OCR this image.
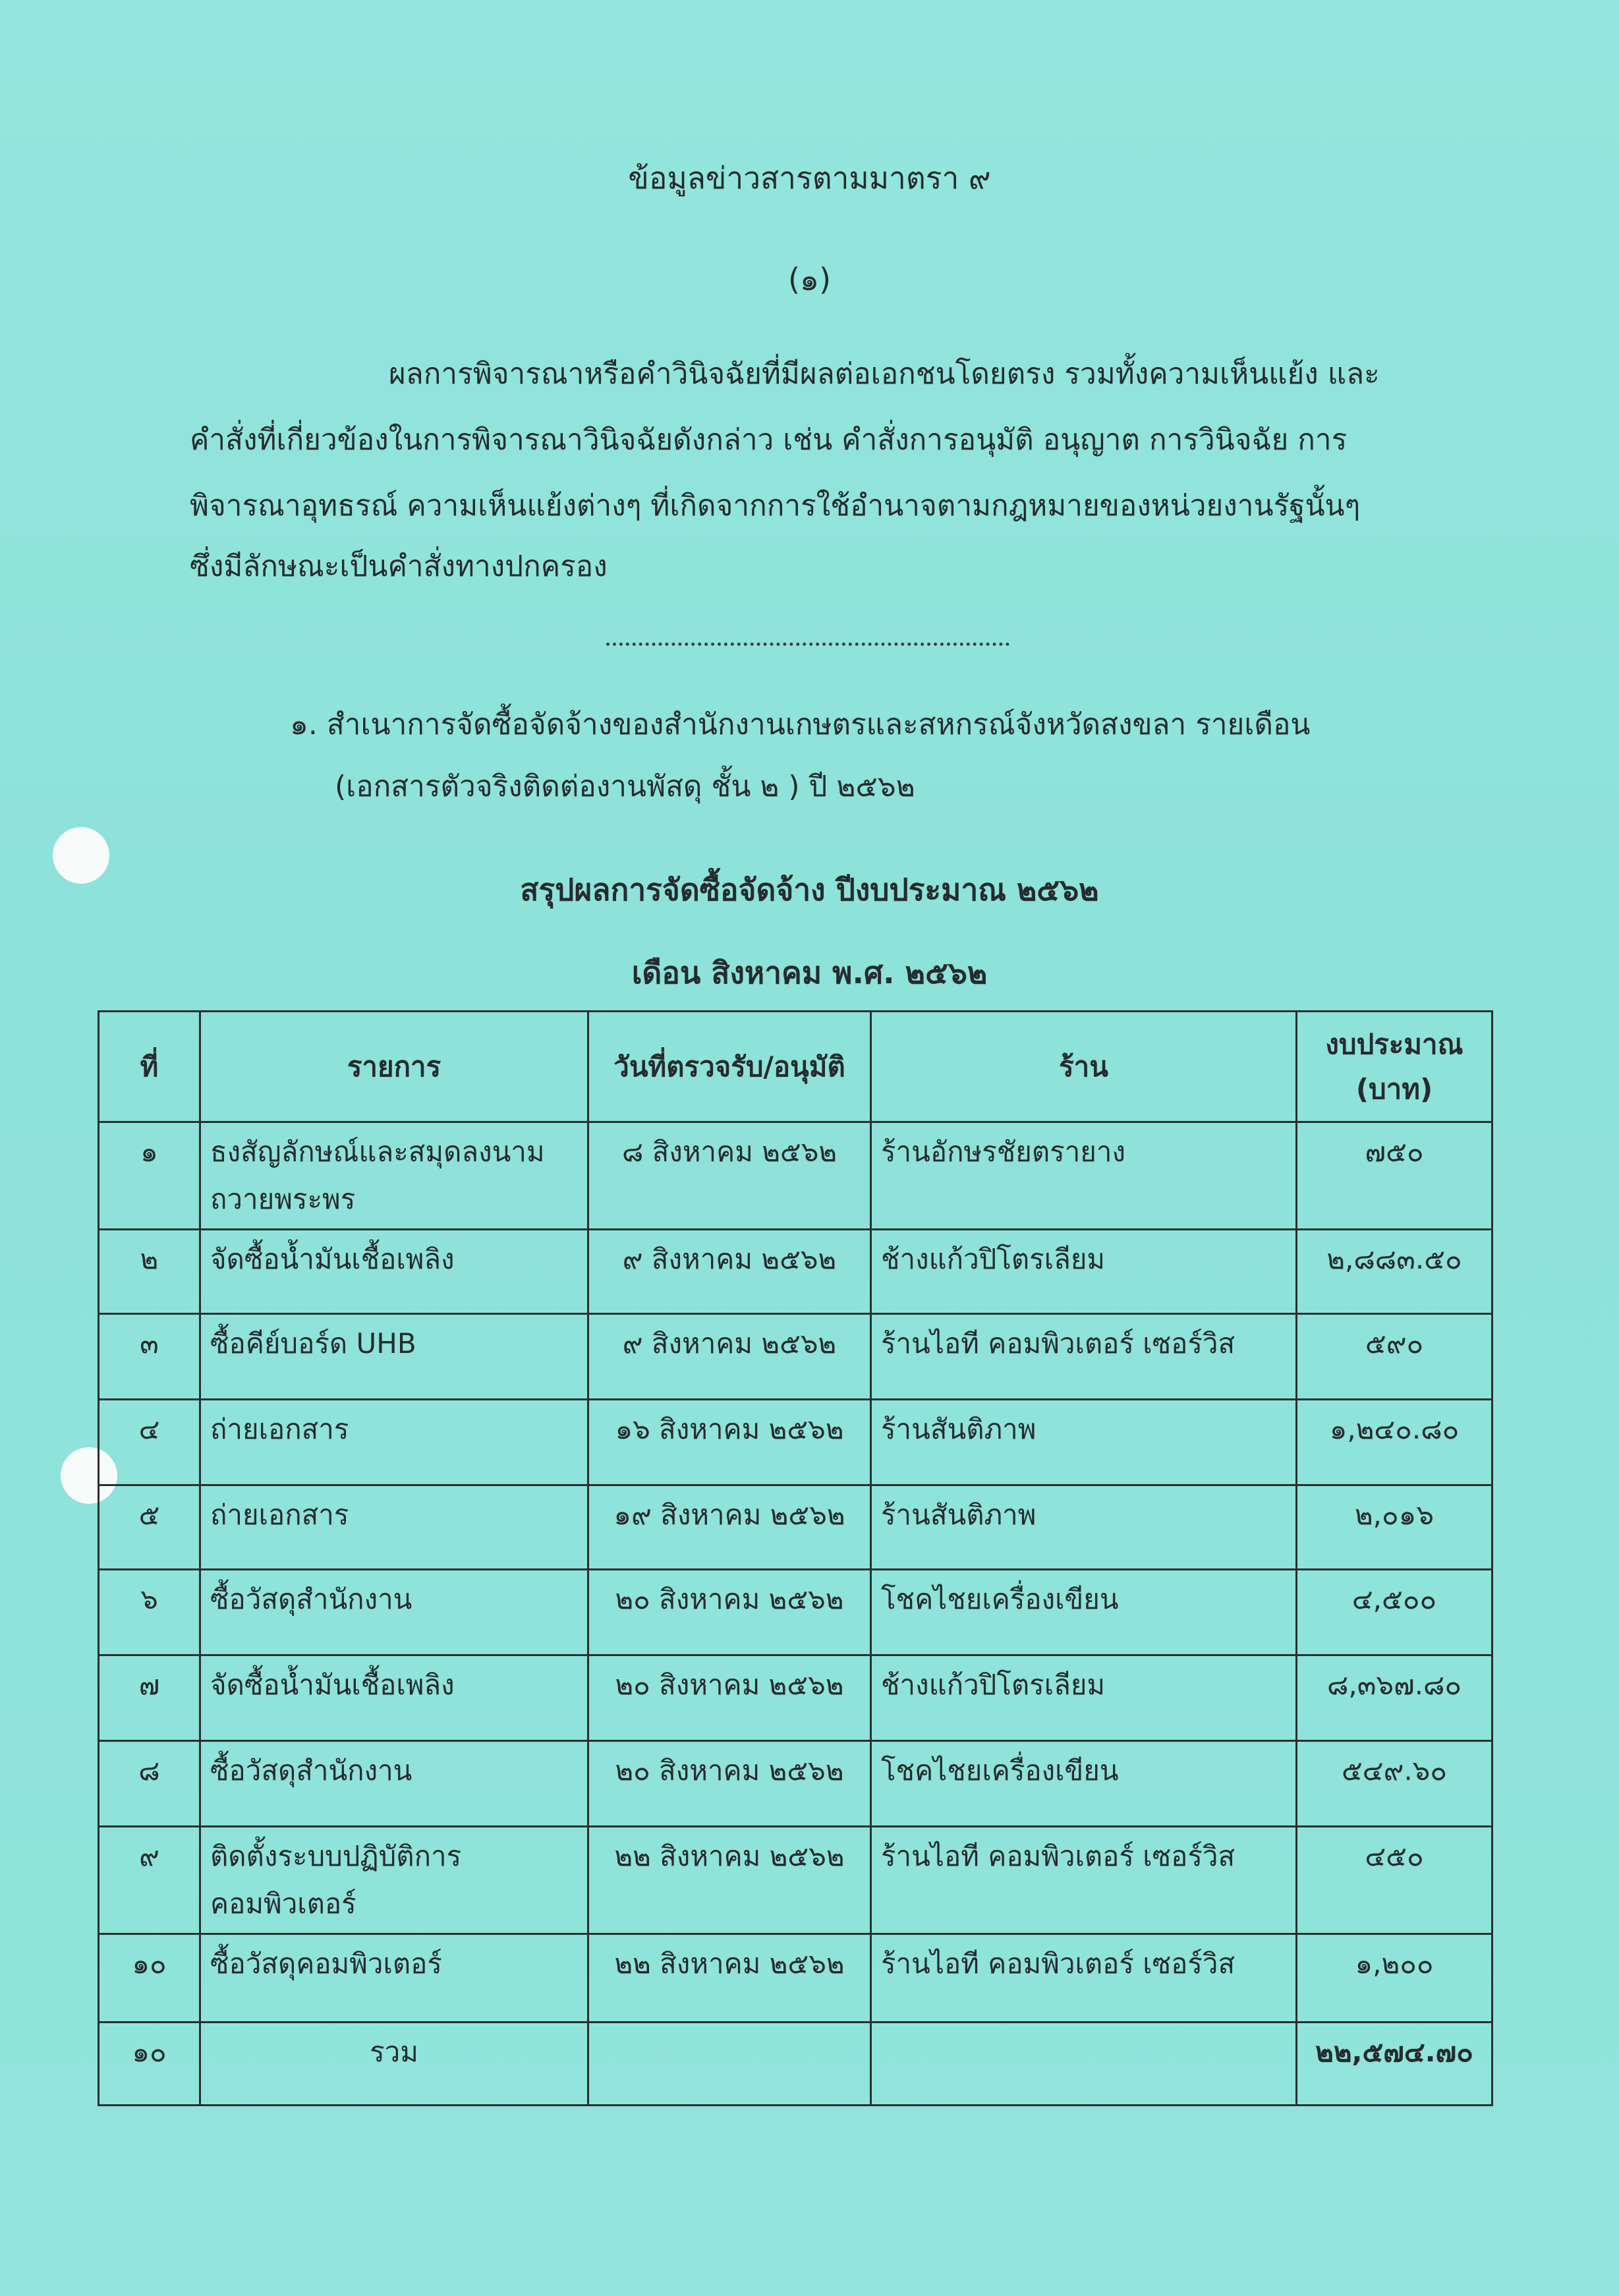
ข้อมูลข่าวสารตามมาตรา ๙
(๑)
ผลการพิจารณาหรือคำวินิจฉัยที่มีผลต่อเอกชนโดยตรง รวมทั้งความเห็นแย้ง และ
คำสั่งที่เกี่ยวข้องในการพิจารณาวินิจฉัยดังกล่าว เช่น คำสั่งการอนุมัติ อนุญาต การวินิจฉัย การ
พิจารณาอุทธรณ์ ความเห็นแย้งต่างๆ ที่เกิดจากการใช้อำนาจตามกฎหมายของหน่วยงานรัฐนั้นๆ
ซึ่งมีลักษณะเป็นคำสั่งทางปกครอง
๑. สำเนาการจัดซื้อจัดจ้างของสำนักงานเกษตรและสหกรณ์จังหวัดสงขลา รายเดือน
(เอกสารตัวจริงติดต่องานพัสดุ ชั้น ๒ ) ปี ๒๕๖๒
สรุปผลการจัดซื้อจัดจ้าง ปีงบประมาณ ๒๕๖๒
เดือน สิงหาคม พ.ศ. ๒๕๖๒
ที่	รายการ	วันที่ตรวจรับ/อนุมัติ	ร้าน	งบประมาณ
(บาท)

๑	ธงสัญลักษณ์และสมุดลงนามถวายพระพร	๘ สิงหาคม ๒๕๖๒	ร้านอักษรชัยตรายาง	๗๕๐
๒	จัดซื้อน้ำมันเชื้อเพลิง	๙ สิงหาคม ๒๕๖๒	ช้างแก้วปิโตรเลียม	๒,๘๘๓.๕๐
๓	ซื้อคีย์บอร์ด UHB	๙ สิงหาคม ๒๕๖๒	ร้านไอที คอมพิวเตอร์ เซอร์วิส	๕๙๐
๔	ถ่ายเอกสาร	๑๖ สิงหาคม ๒๕๖๒	ร้านสันติภาพ	๑,๒๔๐.๘๐
๕	ถ่ายเอกสาร	๑๙ สิงหาคม ๒๕๖๒	ร้านสันติภาพ	๒,๐๑๖
๖	ซื้อวัสดุสำนักงาน	๒๐ สิงหาคม ๒๕๖๒	โชคไชยเครื่องเขียน	๔,๕๐๐
๗	จัดซื้อน้ำมันเชื้อเพลิง	๒๐ สิงหาคม ๒๕๖๒	ช้างแก้วปิโตรเลียม	๘,๓๖๗.๘๐
๘	ซื้อวัสดุสำนักงาน	๒๐ สิงหาคม ๒๕๖๒	โชคไชยเครื่องเขียน	๕๔๙.๖๐
๙	ติดตั้งระบบปฏิบัติการคอมพิวเตอร์	๒๒ สิงหาคม ๒๕๖๒	ร้านไอที คอมพิวเตอร์ เซอร์วิส	๔๕๐
๑๐	ซื้อวัสดุคอมพิวเตอร์	๒๒ สิงหาคม ๒๕๖๒	ร้านไอที คอมพิวเตอร์ เซอร์วิส	๑,๒๐๐
๑๐	รวม			๒๒,๕๗๔.๗๐
